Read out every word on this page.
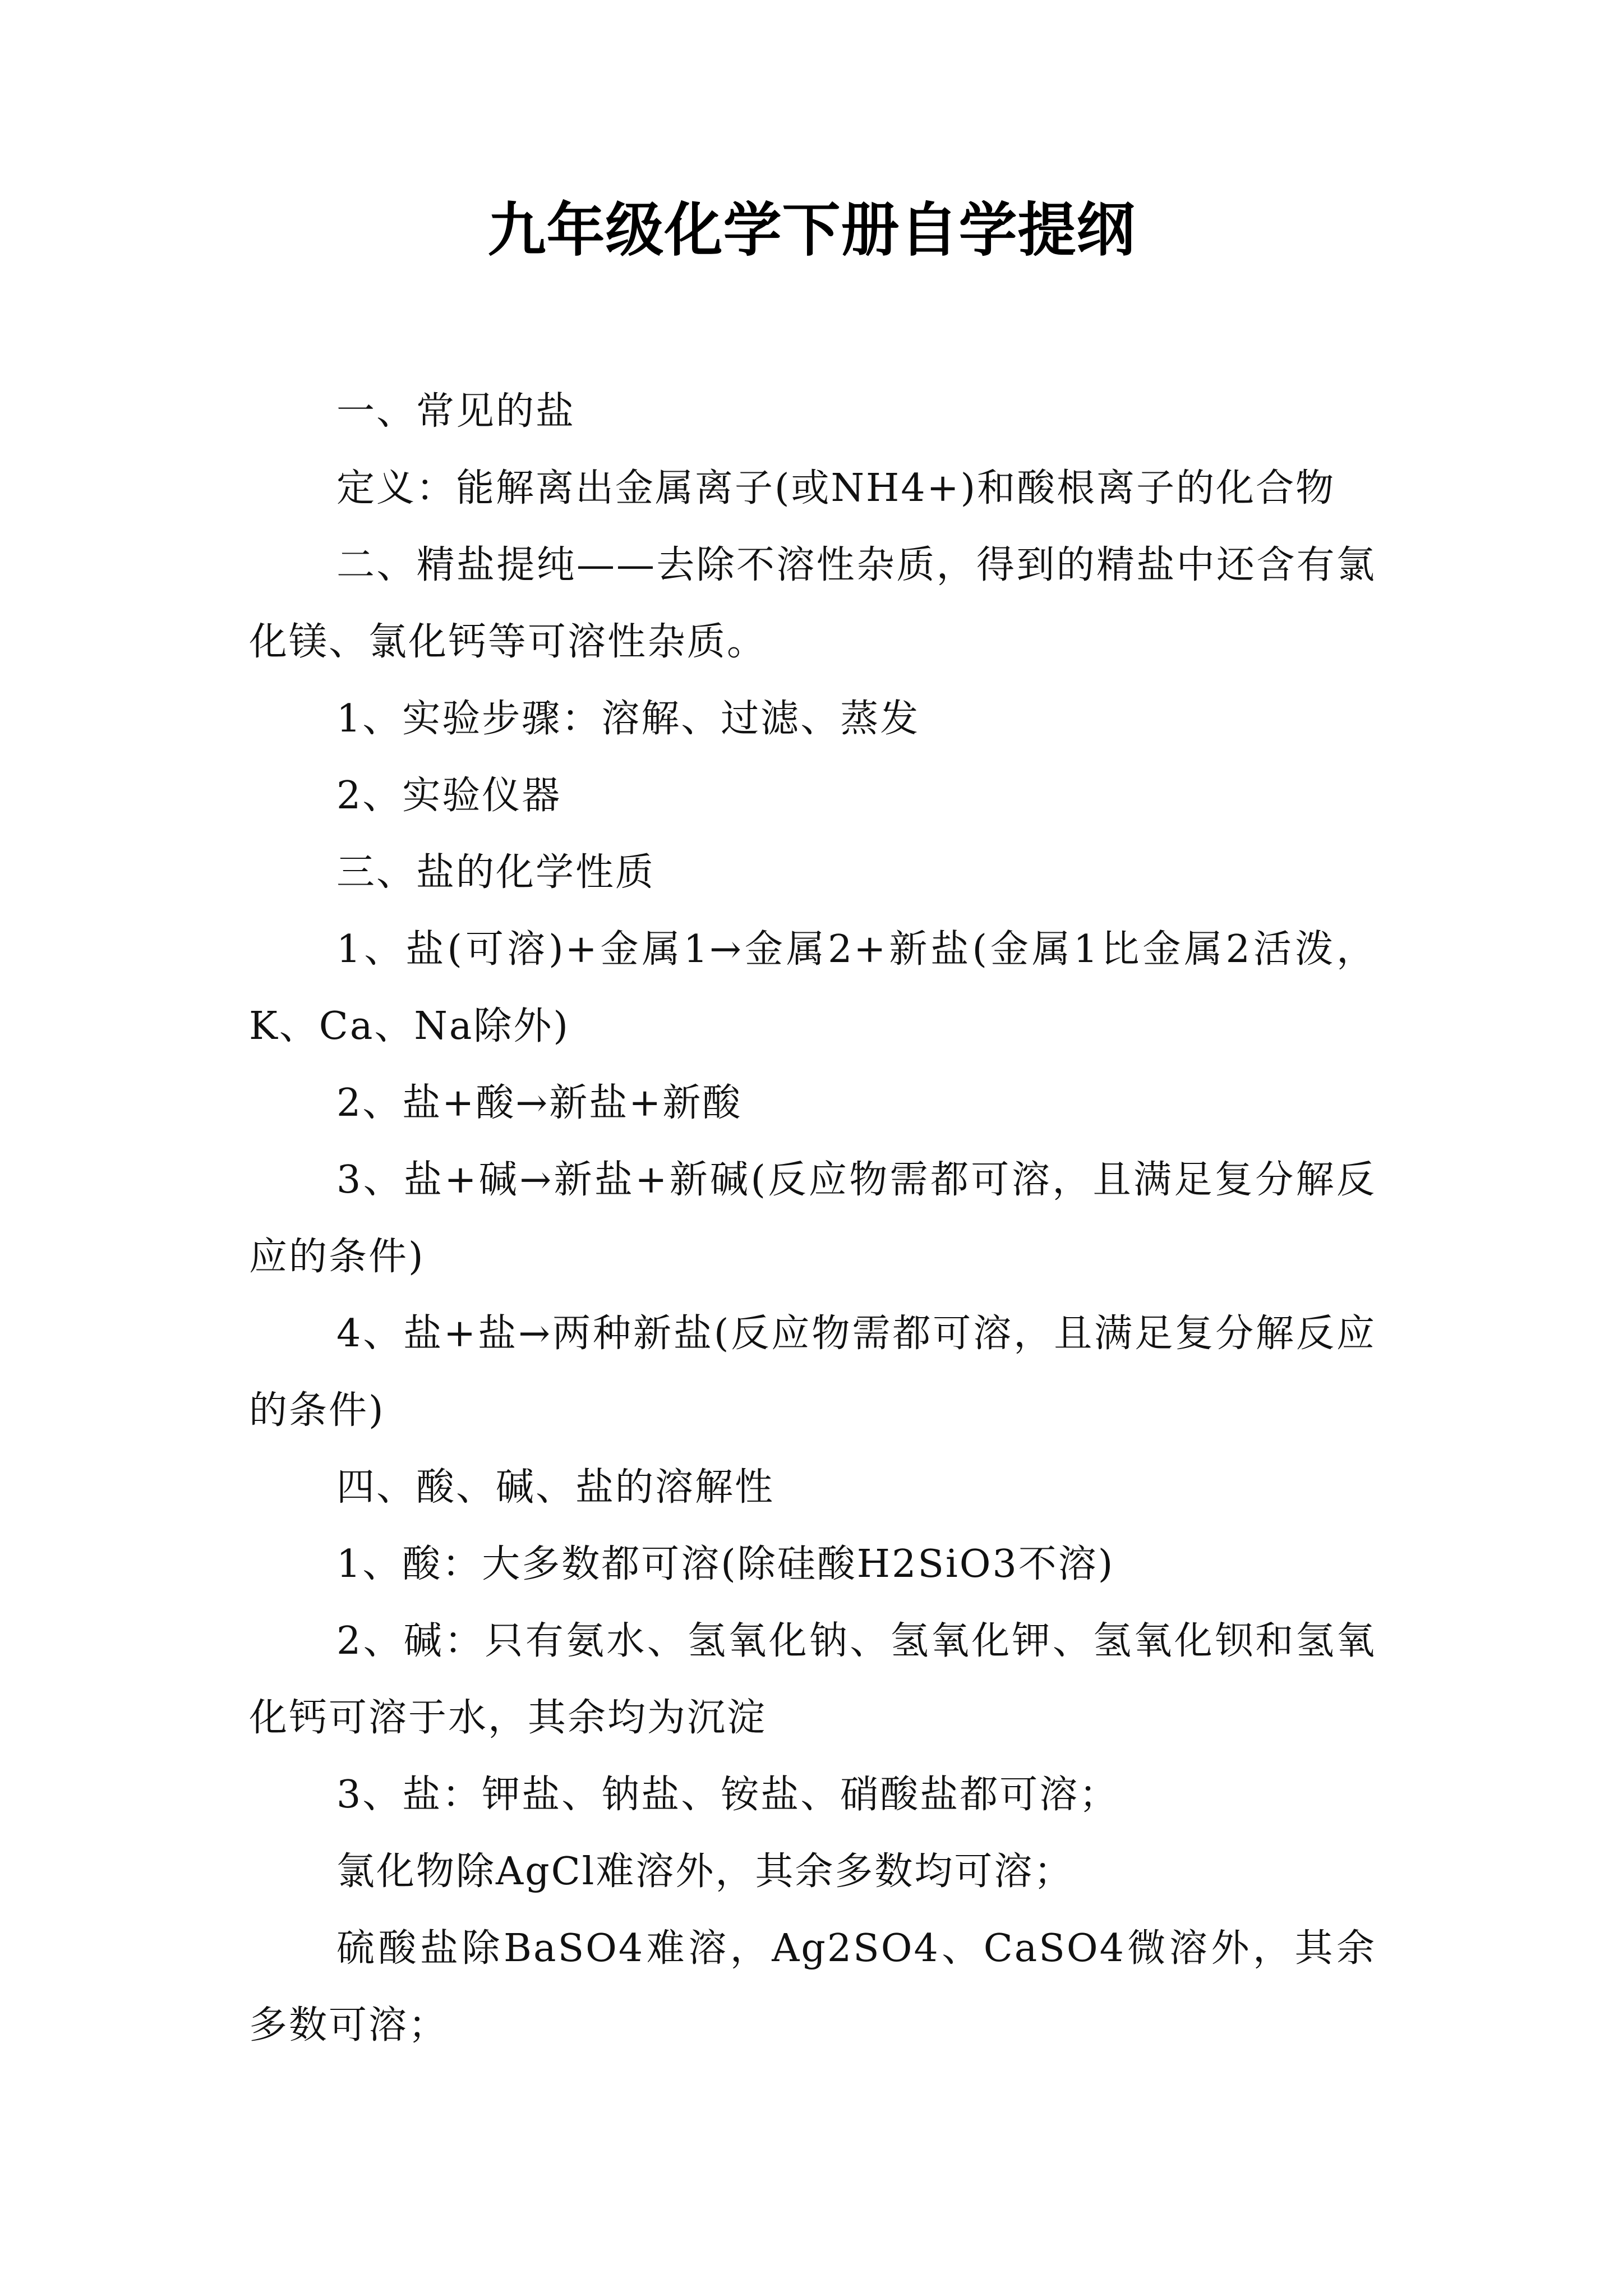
九年级化学下册自学提纲

一、常见的盐

定义：能解离出金属离子(或NH4+)和酸根离子的化合物

二、精盐提纯——去除不溶性杂质，得到的精盐中还含有氯化镁、氯化钙等可溶性杂质。

1、实验步骤：溶解、过滤、蒸发

2、实验仪器

三、盐的化学性质

1、盐(可溶)+金属1→金属2+新盐(金属1比金属2活泼，K、Ca、Na除外)

2、盐+酸→新盐+新酸

3、盐+碱→新盐+新碱(反应物需都可溶，且满足复分解反应的条件)

4、盐+盐→两种新盐(反应物需都可溶，且满足复分解反应的条件)

四、酸、碱、盐的溶解性

1、酸：大多数都可溶(除硅酸H2SiO3不溶)

2、碱：只有氨水、氢氧化钠、氢氧化钾、氢氧化钡和氢氧化钙可溶于水，其余均为沉淀

3、盐：钾盐、钠盐、铵盐、硝酸盐都可溶；

氯化物除AgCl难溶外，其余多数均可溶；

硫酸盐除BaSO4难溶，Ag2SO4、CaSO4微溶外，其余多数可溶；
